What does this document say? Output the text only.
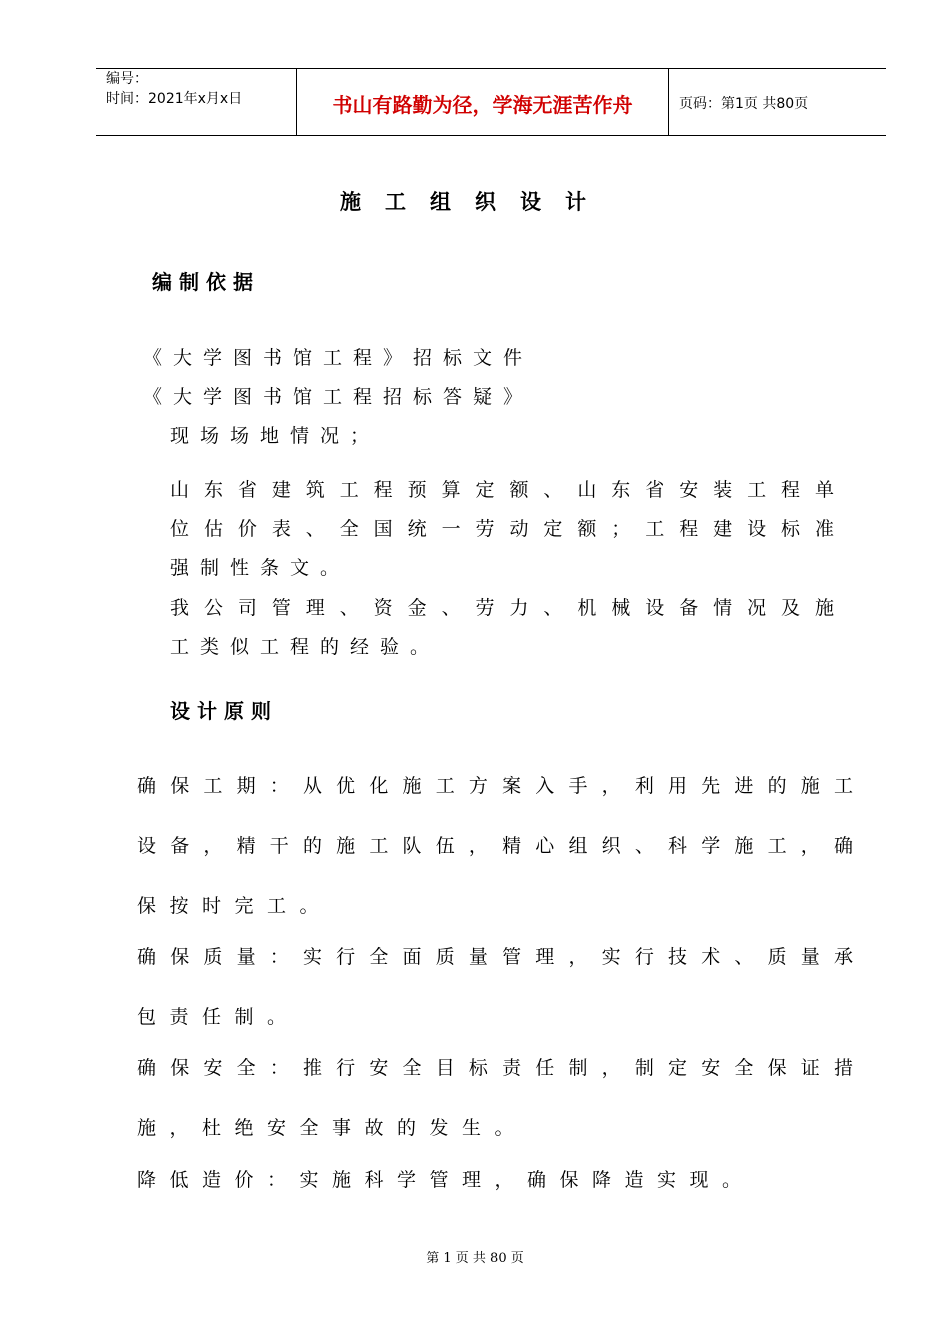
编号：
时间：2021年x月x日	书山有路勤为径，学海无涯苦作舟	页码：第1页 共80页
施工组织设计
编制依据
《大学图书馆工程》招标文件
《大学图书馆工程招标答疑》
现场场地情况；
山东省建筑工程预算定额、山东省安装工程单
位估价表、全国统一劳动定额；工程建设标准
强制性条文。
我公司管理、资金、劳力、机械设备情况及施
工类似工程的经验。
设计原则
确保工期：从优化施工方案入手，利用先进的施工
设备，精干的施工队伍，精心组织、科学施工，确
保按时完工。
确保质量：实行全面质量管理，实行技术、质量承
包责任制。
确保安全：推行安全目标责任制，制定安全保证措
施，杜绝安全事故的发生。
降低造价：实施科学管理，确保降造实现。
第 1 页 共 80 页
